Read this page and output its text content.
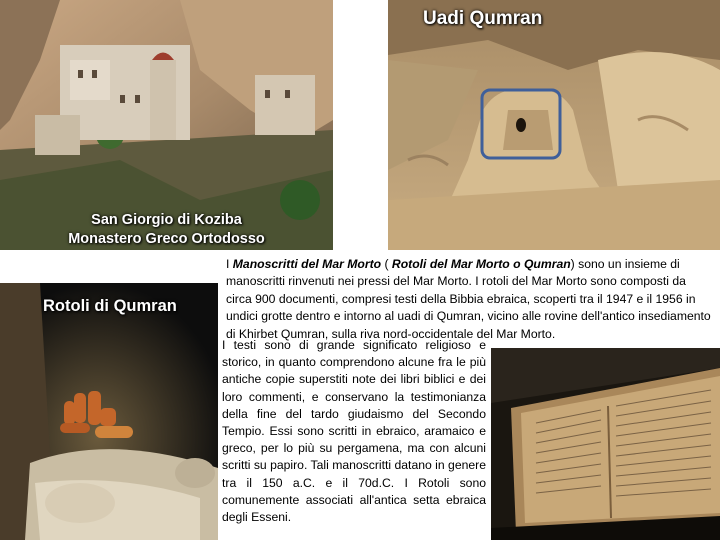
San Giorgio di Koziba
Monastero Greco Ortodosso
Uadi Qumran
Rotoli di Qumran
I Manoscritti del Mar Morto ( Rotoli del Mar Morto o Qumran) sono un insieme di manoscritti rinvenuti nei pressi del Mar Morto. I rotoli del Mar Morto sono composti da circa 900 documenti, compresi testi della Bibbia ebraica, scoperti tra il 1947 e il 1956 in undici grotte dentro e intorno al uadi di Qumran, vicino alle rovine dell'antico insediamento di Khirbet Qumran, sulla riva nord-occidentale del Mar Morto.
I testi sono di grande significato religioso e storico, in quanto comprendono alcune fra le più antiche copie superstiti note dei libri biblici e dei loro commenti, e conservano la testimonianza della fine del tardo giudaismo del Secondo Tempio. Essi sono scritti in ebraico, aramaico e greco, per lo più su pergamena, ma con alcuni scritti su papiro. Tali manoscritti datano in genere tra il 150 a.C. e il 70d.C. I Rotoli sono comunemente associati all'antica setta ebraica degli Esseni.
